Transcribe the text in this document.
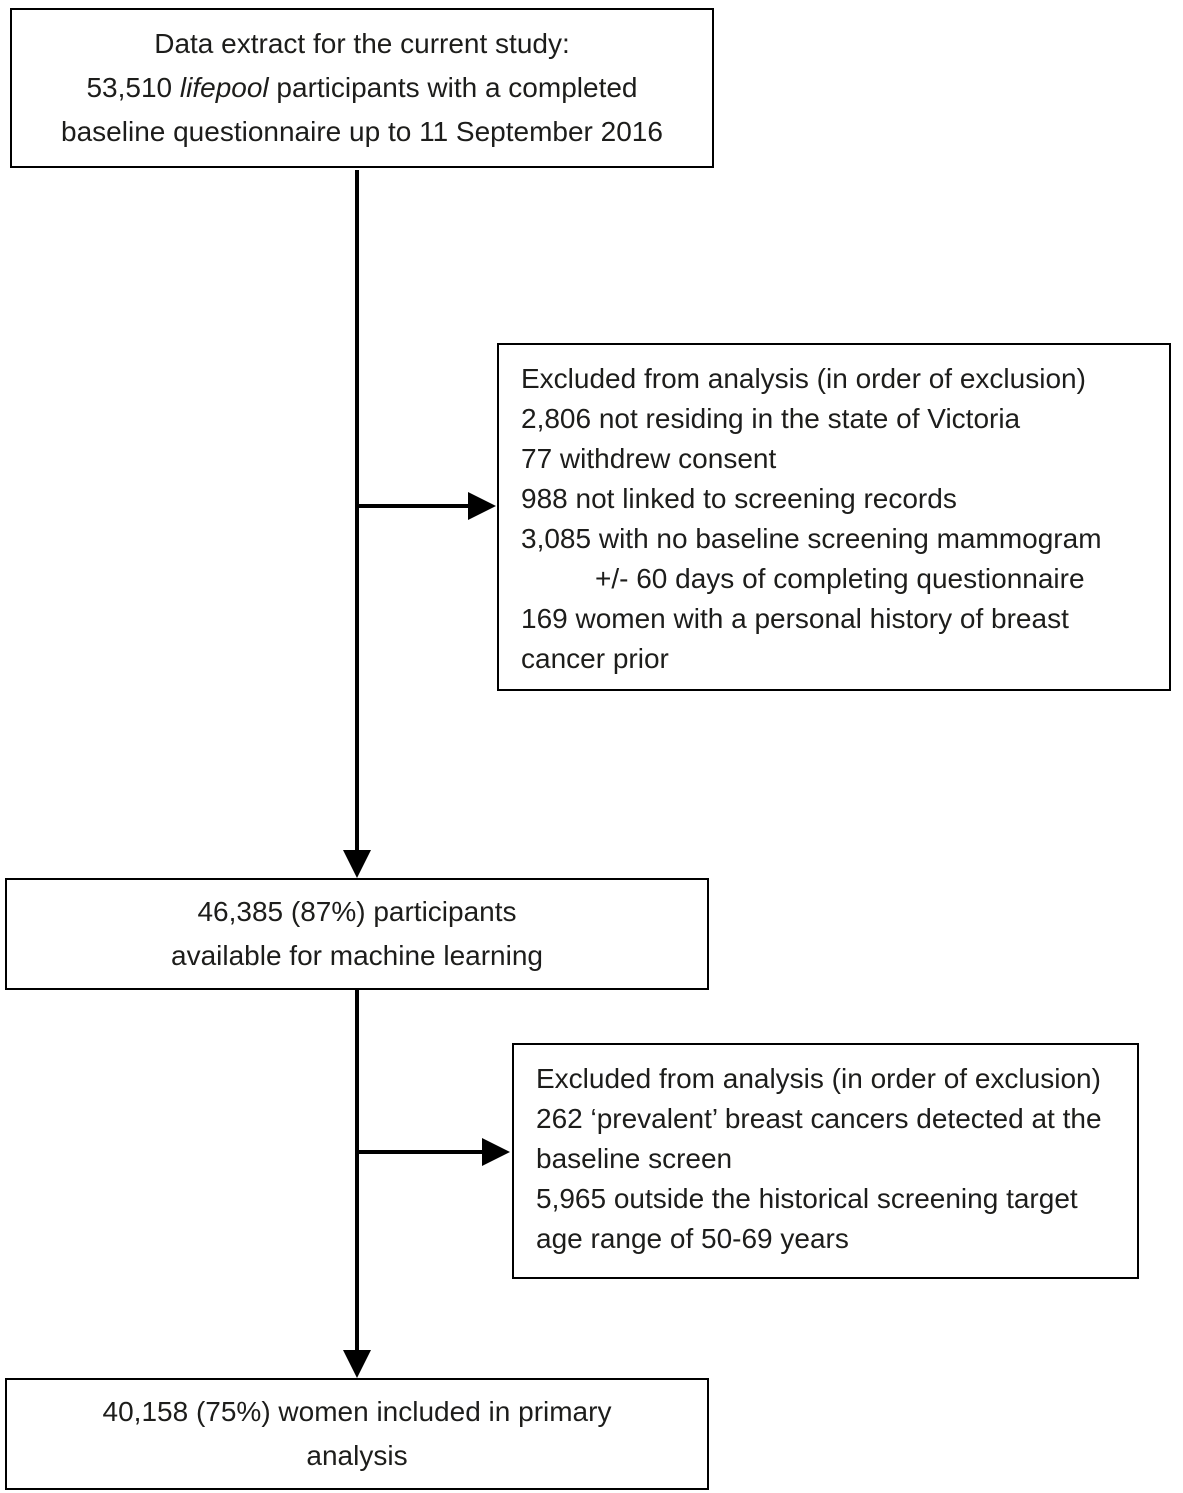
Data extract for the current study:
53,510 lifepool participants with a completed
baseline questionnaire up to 11 September 2016
Excluded from analysis (in order of exclusion)
2,806 not residing in the state of Victoria
77 withdrew consent
988 not linked to screening records
3,085 with no baseline screening mammogram
+/- 60 days of completing questionnaire
169 women with a personal history of breast cancer prior
46,385 (87%) participants
available for machine learning
Excluded from analysis (in order of exclusion)
262 ‘prevalent’ breast cancers detected at the baseline screen
5,965 outside the historical screening target age range of 50-69 years
40,158 (75%) women included in primary
analysis
